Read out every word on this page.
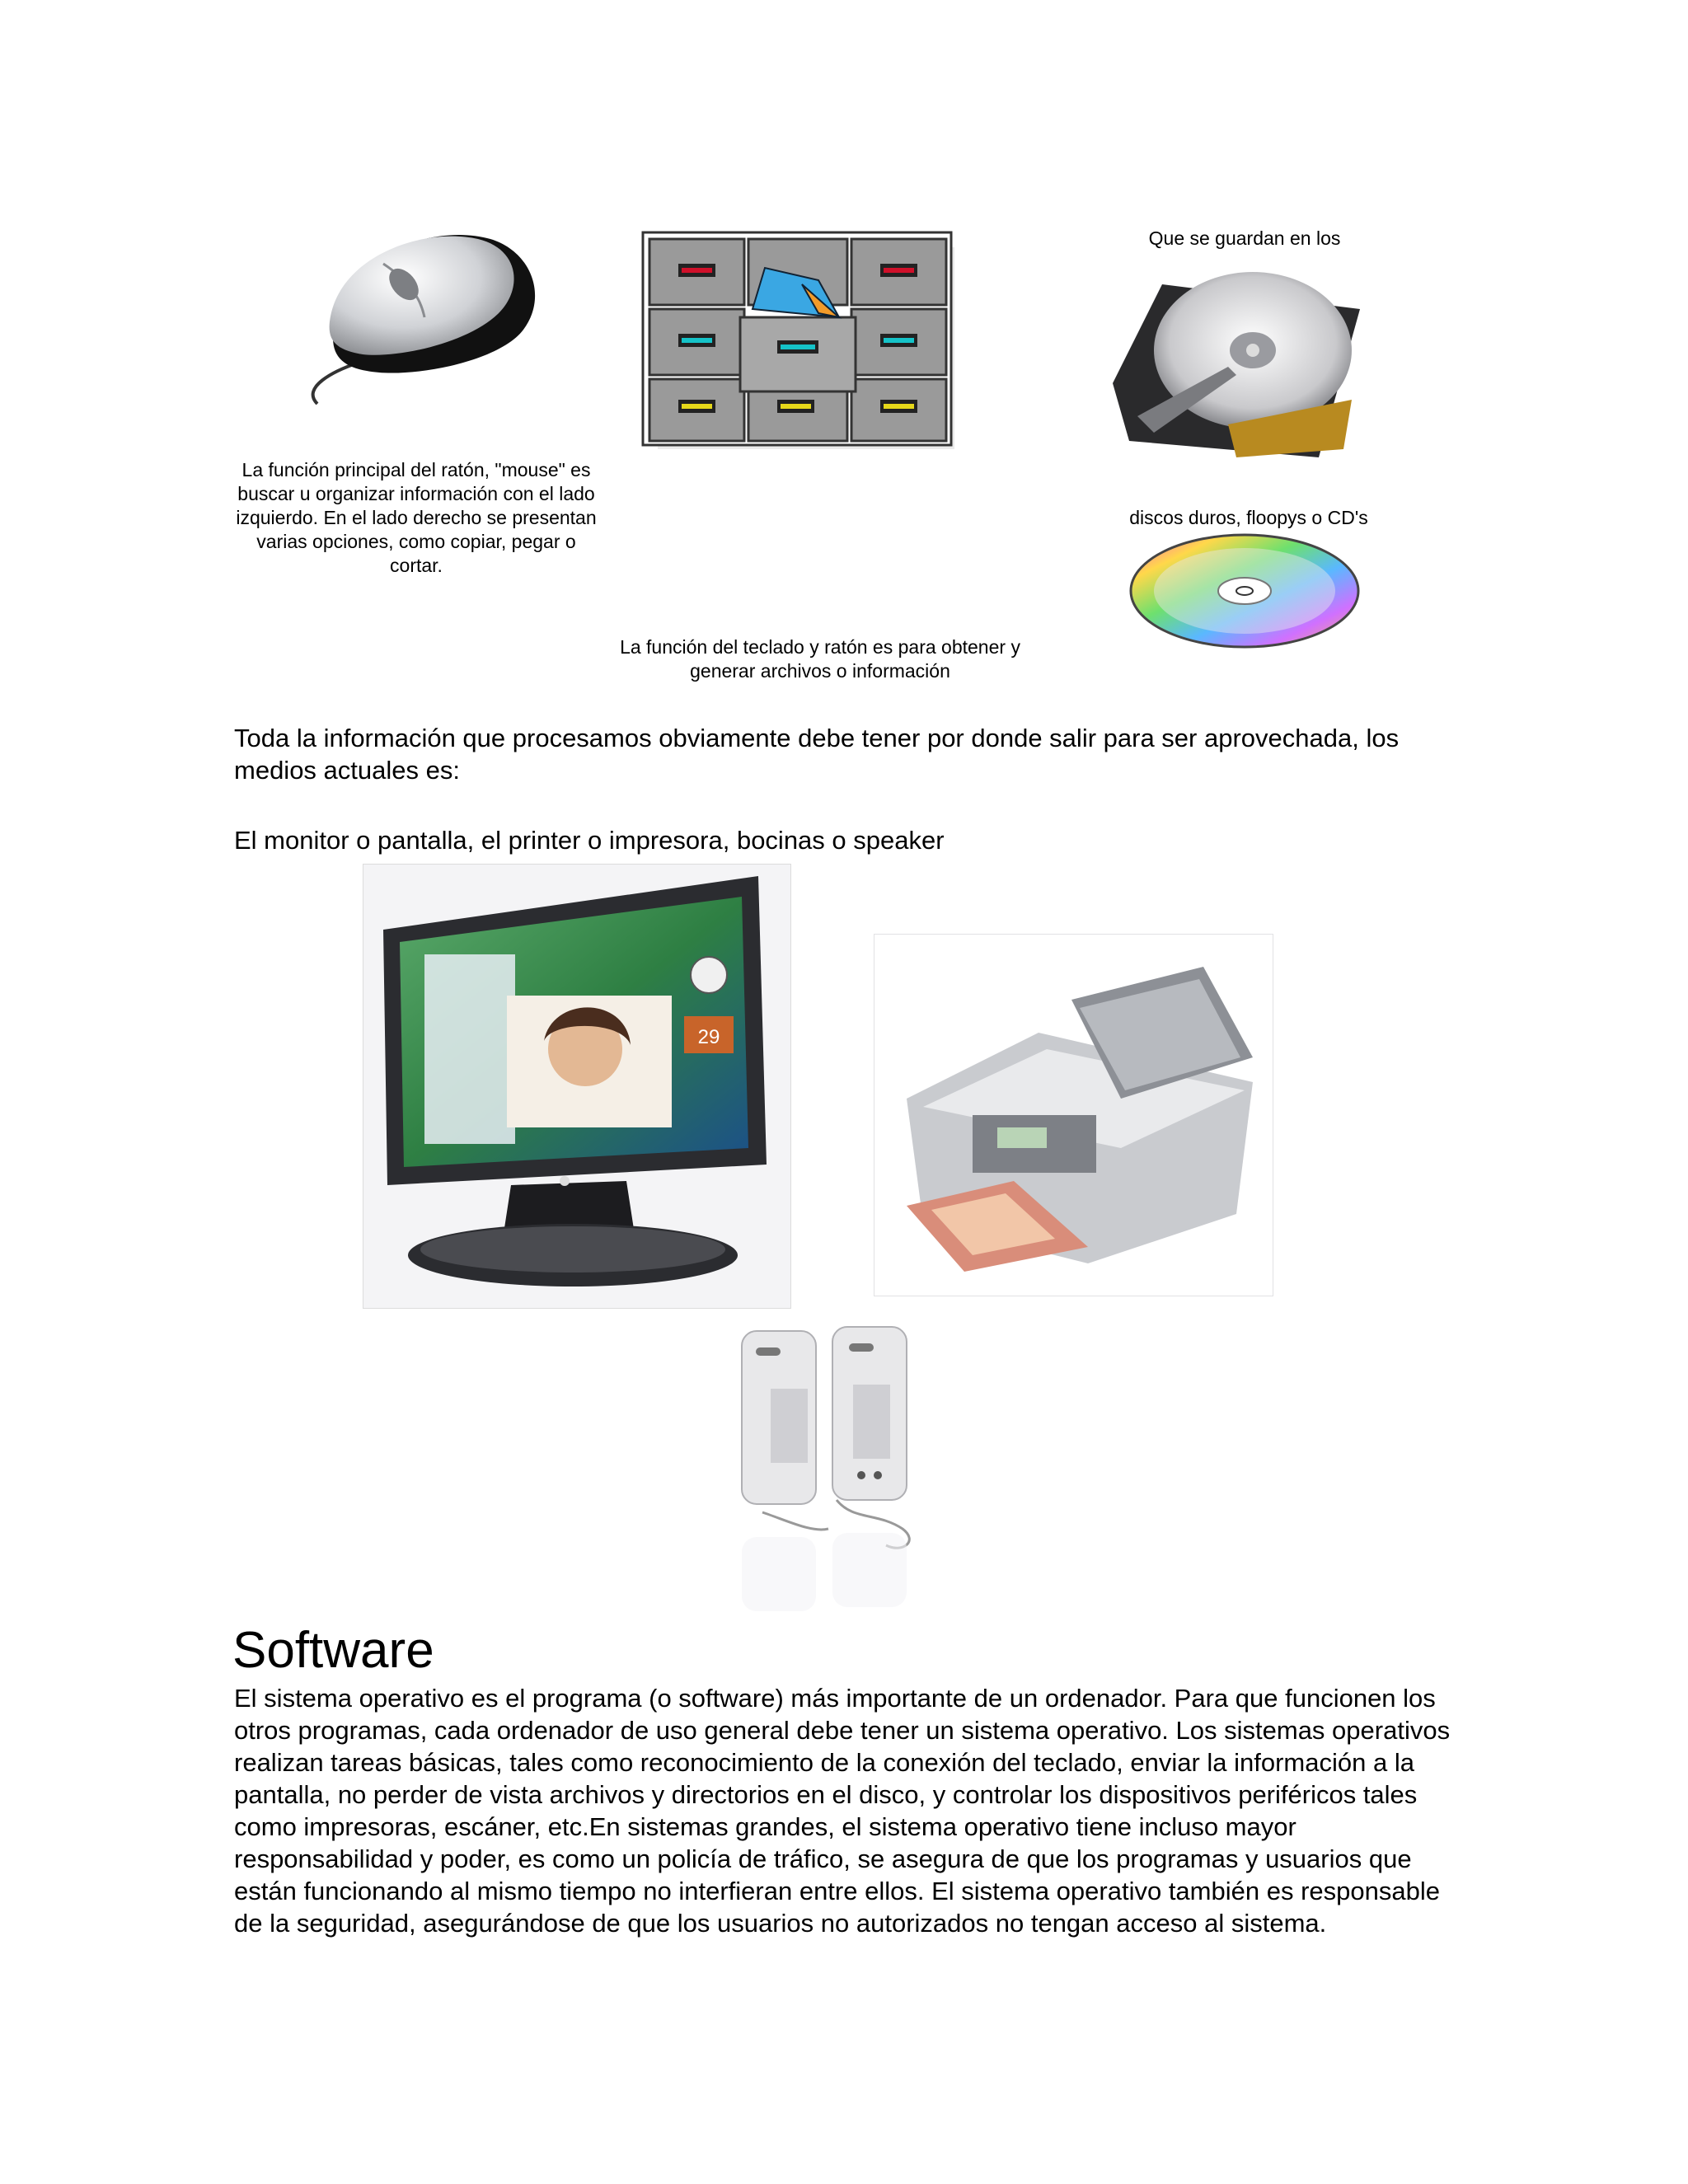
Que se guardan en los
La función principal del ratón, "mouse" es buscar u organizar información con el lado izquierdo. En el lado derecho se presentan varias opciones, como copiar, pegar o cortar.
discos duros, floopys o CD's
La función del teclado y ratón es para obtener y generar archivos o información
Toda la información que procesamos obviamente debe tener por donde salir para ser aprovechada, los medios actuales es:
El monitor o pantalla, el printer o impresora, bocinas o speaker
29
Software
El sistema operativo es el programa (o software) más importante de un ordenador. Para que funcionen los otros programas, cada ordenador de uso general debe tener un sistema operativo. Los sistemas operativos realizan tareas básicas, tales como reconocimiento de la conexión del teclado, enviar la información a la pantalla, no perder de vista archivos y directorios en el disco, y controlar los dispositivos periféricos tales como impresoras, escáner, etc.En sistemas grandes, el sistema operativo tiene incluso mayor responsabilidad y poder, es como un policía de tráfico, se asegura de que los programas y usuarios que están funcionando al mismo tiempo no interfieran entre ellos. El sistema operativo también es responsable de la seguridad, asegurándose de que los usuarios no autorizados no tengan acceso al sistema.
